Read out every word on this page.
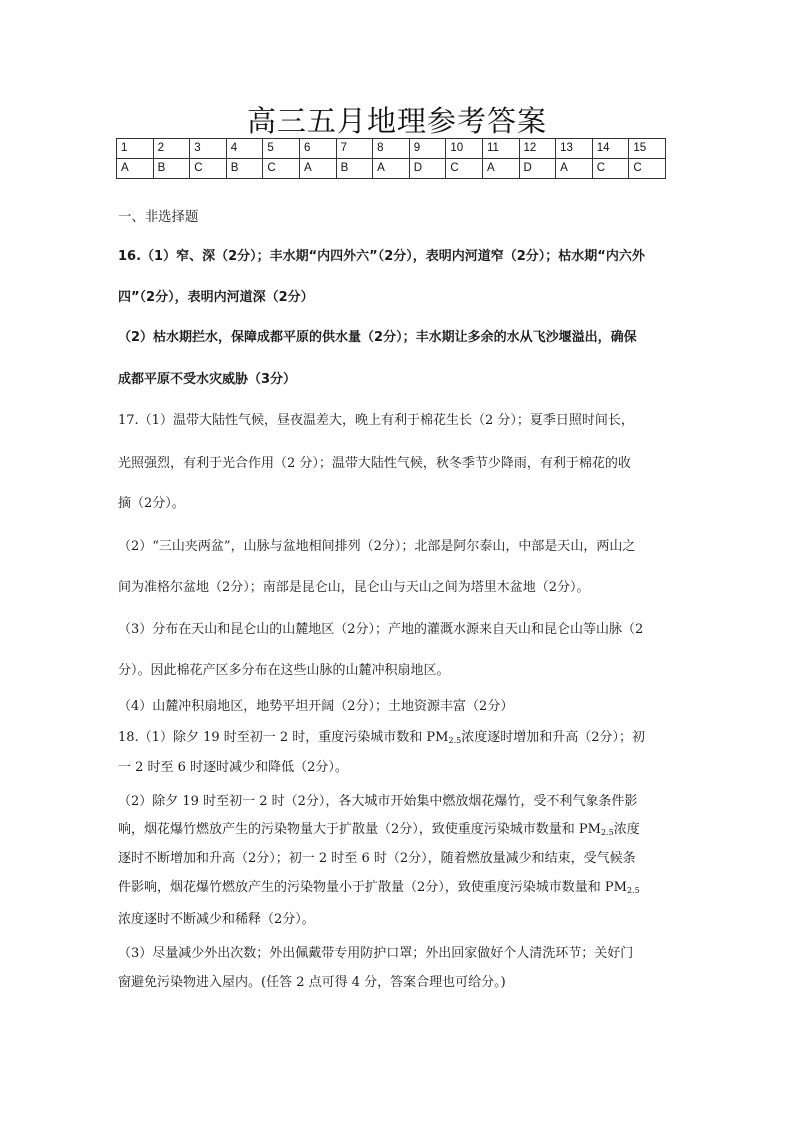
高三五月地理参考答案
1	2	3	4	5	6	7	8	9	10	11	12	13	14	15
A	B	C	B	C	A	B	A	D	C	A	D	A	C	C
一、非选择题
16.（1）窄、深（2分）；丰水期“内四外六”（2分），表明内河道窄（2分）；枯水期“内六外
四”（2分），表明内河道深（2分）
（2）枯水期拦水，保障成都平原的供水量（2分）；丰水期让多余的水从飞沙堰溢出，确保
成都平原不受水灾威胁（3分）
17.（1）温带大陆性气候，昼夜温差大，晚上有利于棉花生长（2 分）；夏季日照时间长，
光照强烈，有利于光合作用（2 分）；温带大陆性气候，秋冬季节少降雨，有利于棉花的收
摘（2分）。
（2）“三山夹两盆”，山脉与盆地相间排列（2分）；北部是阿尔泰山，中部是天山，两山之
间为准格尔盆地（2分）；南部是昆仑山，昆仑山与天山之间为塔里木盆地（2分）。
（3）分布在天山和昆仑山的山麓地区（2分）；产地的灌溉水源来自天山和昆仑山等山脉（2
分）。因此棉花产区多分布在这些山脉的山麓冲积扇地区。
（4）山麓冲积扇地区，地势平坦开阔（2分）；土地资源丰富（2分）
18.（1）除夕 19 时至初一 2 时，重度污染城市数和 $PM_{2.5}$浓度逐时增加和升高（2分）；初
一 2 时至 6 时逐时减少和降低（2分）。
（2）除夕 19 时至初一 2 时（2分），各大城市开始集中燃放烟花爆竹，受不利气象条件影
响，烟花爆竹燃放产生的污染物量大于扩散量（2分），致使重度污染城市数量和 $PM_{2.5}$浓度
逐时不断增加和升高（2分）；初一 2 时至 6 时（2分），随着燃放量减少和结束，受气候条
件影响，烟花爆竹燃放产生的污染物量小于扩散量（2分），致使重度污染城市数量和 $PM_{2.5}$
浓度逐时不断减少和稀释（2分）。
（3）尽量减少外出次数；外出佩戴带专用防护口罩；外出回家做好个人清洗环节；关好门
窗避免污染物进入屋内。(任答 2 点可得 4 分，答案合理也可给分。)
